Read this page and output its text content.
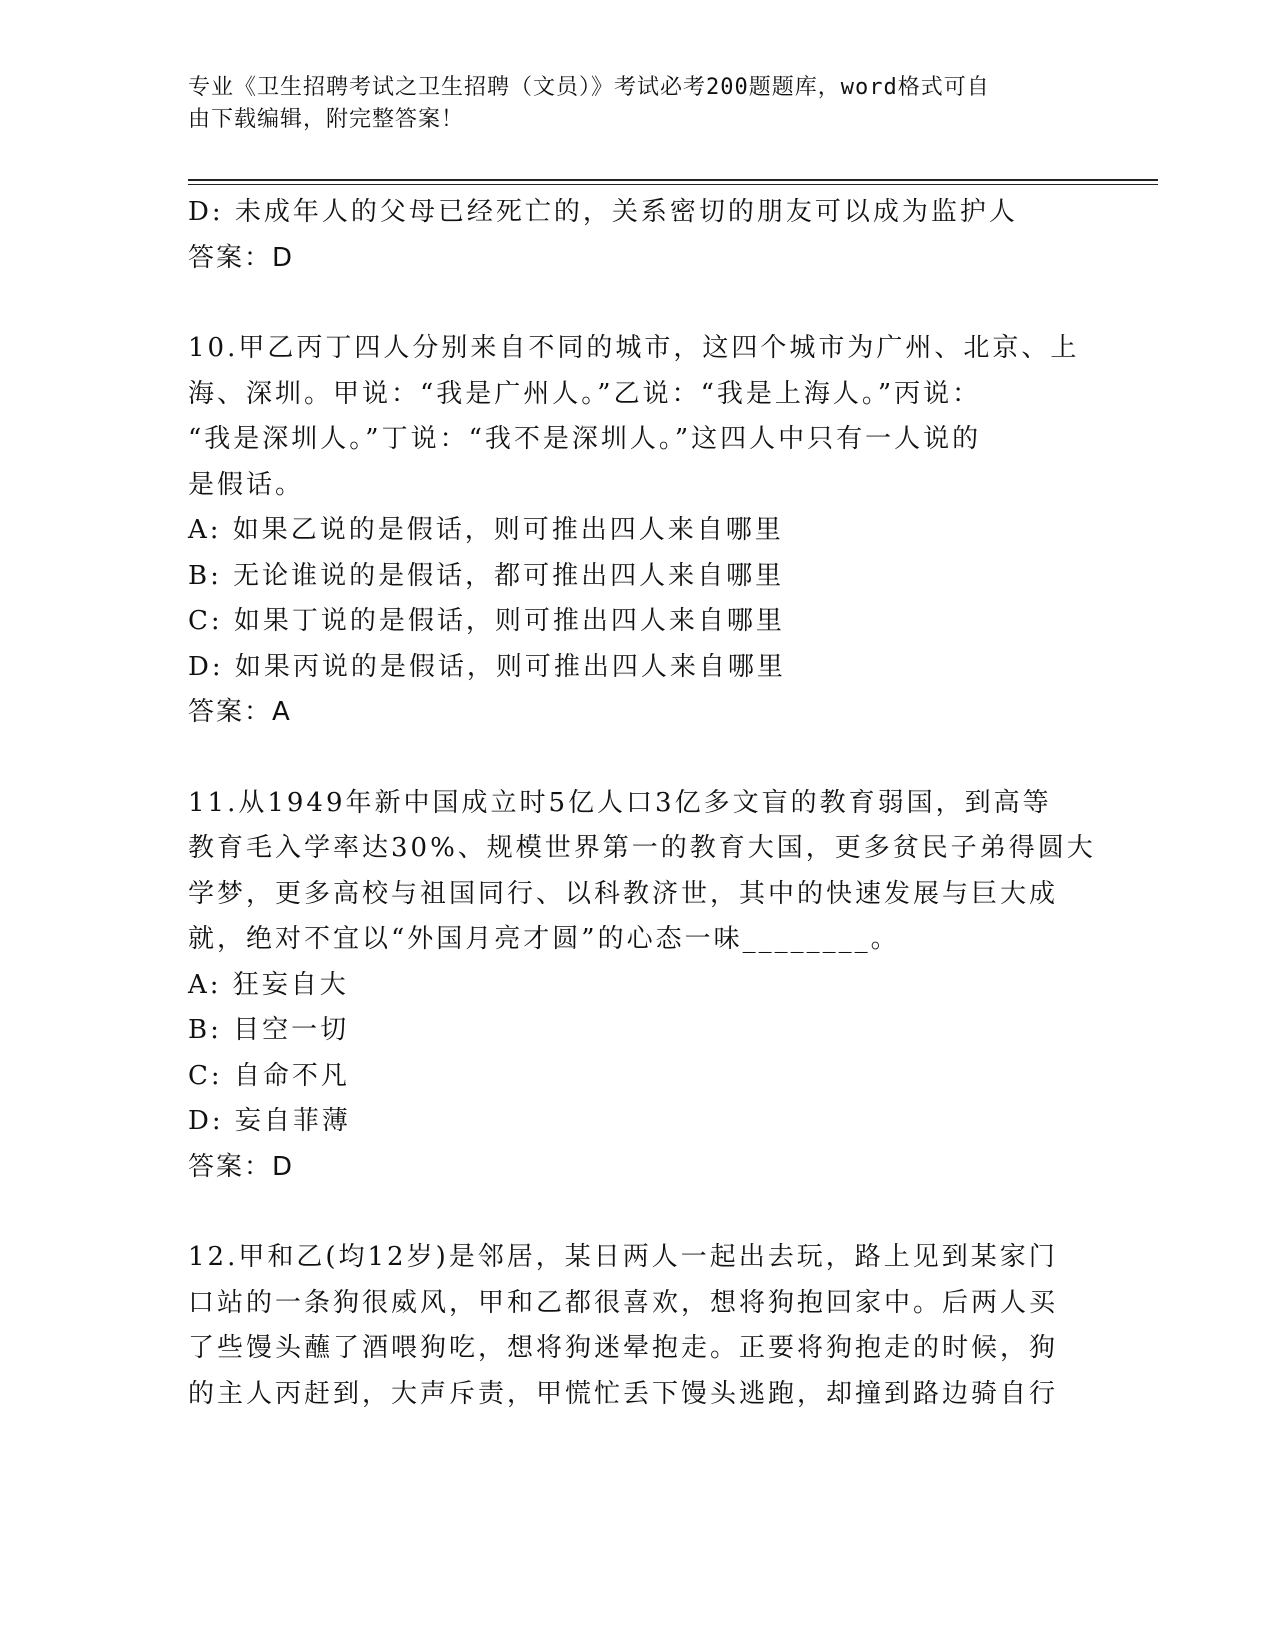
专业《卫生招聘考试之卫生招聘（文员）》考试必考200题题库，word格式可自
由下载编辑，附完整答案！
D: 未成年人的父母已经死亡的，关系密切的朋友可以成为监护人
答案：D
10.甲乙丙丁四人分别来自不同的城市，这四个城市为广州、北京、上
海、深圳。甲说：“我是广州人。”乙说：“我是上海人。”丙说：
“我是深圳人。”丁说：“我不是深圳人。”这四人中只有一人说的
是假话。
A: 如果乙说的是假话，则可推出四人来自哪里
B: 无论谁说的是假话，都可推出四人来自哪里
C: 如果丁说的是假话，则可推出四人来自哪里
D: 如果丙说的是假话，则可推出四人来自哪里
答案：A
11.从1949年新中国成立时5亿人口3亿多文盲的教育弱国，到高等
教育毛入学率达30%、规模世界第一的教育大国，更多贫民子弟得圆大
学梦，更多高校与祖国同行、以科教济世，其中的快速发展与巨大成
就，绝对不宜以“外国月亮才圆”的心态一味________。
A: 狂妄自大
B: 目空一切
C: 自命不凡
D: 妄自菲薄
答案：D
12.甲和乙(均12岁)是邻居，某日两人一起出去玩，路上见到某家门
口站的一条狗很威风，甲和乙都很喜欢，想将狗抱回家中。后两人买
了些馒头蘸了酒喂狗吃，想将狗迷晕抱走。正要将狗抱走的时候，狗
的主人丙赶到，大声斥责，甲慌忙丢下馒头逃跑，却撞到路边骑自行
